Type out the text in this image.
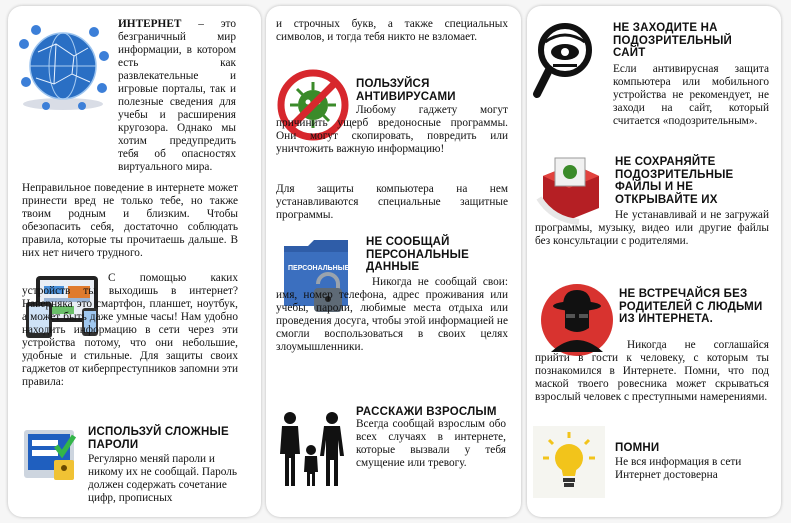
ИНТЕРНЕТ – это безграничный мир информации, в котором есть как развлекательные и игровые порталы, так и полезные сведения для учебы и расширения кругозора. Однако мы хотим предупредить тебя об опасностях виртуального мира.

Неправильное поведение в интернете может принести вред не только тебе, но также твоим родным и близким. Чтобы обезопасить себя, достаточно соблюдать правила, которые ты прочитаешь дальше. В них нет ничего трудного.

С помощью каких устройств ты выходишь в интернет? Наверняка это смартфон, планшет, ноутбук, а может быть даже умные часы! Нам удобно находить информацию в сети через эти устройства потому, что они небольшие, удобные и стильные. Для защиты своих гаджетов от киберпреступников запомни эти правила:

ИСПОЛЬЗУЙ СЛОЖНЫЕ ПАРОЛИ

Регулярно меняй пароли и никому их не сообщай. Пароль должен содержать сочетание цифр, прописных

и строчных букв, а также специальных символов, и тогда тебя никто не взломает.

ПОЛЬЗУЙСЯ АНТИВИРУСАМИ

Любому гаджету могут причинить ущерб вредоносные программы. Они могут скопировать, повредить или уничтожить важную информацию!

Для защиты компьютера на нем устанавливаются специальные защитные программы.

ПЕРСОНАЛЬНЫЕ ДАННЫЕ

НЕ СООБЩАЙ ПЕРСОНАЛЬНЫЕ ДАННЫЕ

Никогда не сообщай свои: имя, номер телефона, адрес проживания или учебы, пароли, любимые места отдыха или проведения досуга, чтобы этой информацией не смогли воспользоваться в своих целях злоумышленники.

РАССКАЖИ ВЗРОСЛЫМ

Всегда сообщай взрослым обо всех случаях в интернете, которые вызвали у тебя смущение или тревогу.

НЕ ЗАХОДИТЕ НА ПОДОЗРИТЕЛЬНЫЙ САЙТ

Если антивирусная защита компьютера или мобильного устройства не рекомендует, не заходи на сайт, который считается «подозрительным».

НЕ СОХРАНЯЙТЕ ПОДОЗРИТЕЛЬНЫЕ ФАЙЛЫ И НЕ ОТКРЫВАЙТЕ ИХ

Не устанавливай и не загружай программы, музыку, видео или другие файлы без консультации с родителями.

НЕ ВСТРЕЧАЙСЯ БЕЗ РОДИТЕЛЕЙ С ЛЮДЬМИ ИЗ ИНТЕРНЕТА.

Никогда не соглашайся прийти в гости к человеку, с которым ты познакомился в Интернете. Помни, что под маской твоего ровесника может скрываться взрослый человек с преступными намерениями.

ПОМНИ

Не вся информация в сети Интернет достоверна
